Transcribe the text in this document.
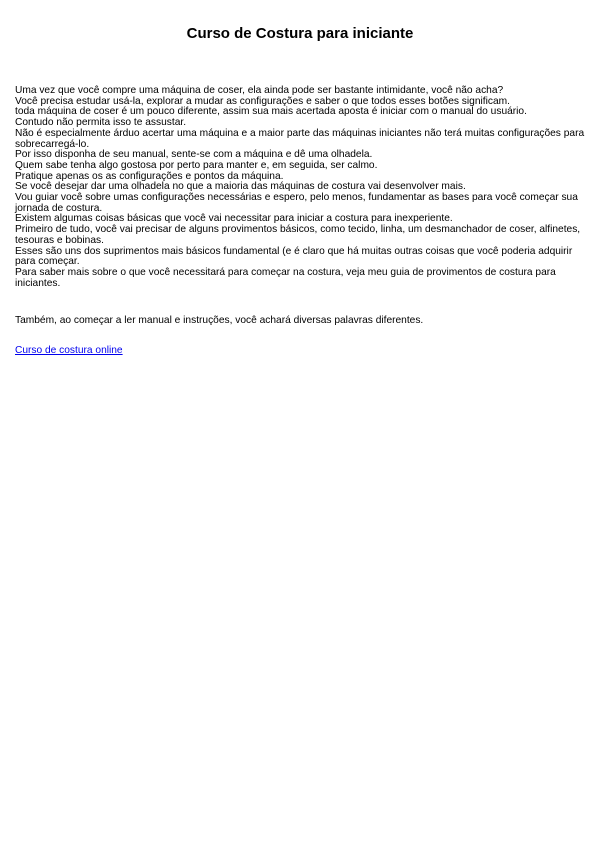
Curso de Costura para iniciante
Uma vez que você compre uma máquina de coser, ela ainda pode ser bastante intimidante, você não acha?
Você precisa estudar usá-la, explorar a mudar as configurações e saber o que todos esses botões significam.
toda máquina de coser é um pouco diferente, assim sua mais acertada aposta é iniciar com o manual do usuário.
Contudo não permita isso te assustar.
Não é especialmente árduo acertar uma máquina e a maior parte das máquinas iniciantes não terá muitas configurações para sobrecarregá-lo.
Por isso disponha de seu manual, sente-se com a máquina e dê uma olhadela.
Quem sabe tenha algo gostosa por perto para manter e, em seguida, ser calmo.
Pratique apenas os as configurações e pontos da máquina.
Se você desejar dar uma olhadela no que a maioria das máquinas de costura vai desenvolver mais.
Vou guiar você sobre umas configurações necessárias e espero, pelo menos, fundamentar as bases para você começar sua jornada de costura.
Existem algumas coisas básicas que você vai necessitar para iniciar a costura para inexperiente.
Primeiro de tudo, você vai precisar de alguns provimentos básicos, como tecido, linha, um desmanchador de coser, alfinetes, tesouras e bobinas.
Esses são uns dos suprimentos mais básicos fundamental (e é claro que há muitas outras coisas que você poderia adquirir para começar.
Para saber mais sobre o que você necessitará para começar na costura, veja meu guia de provimentos de costura para iniciantes.
Também, ao começar a ler manual e instruções, você achará diversas palavras diferentes.
Curso de costura online
